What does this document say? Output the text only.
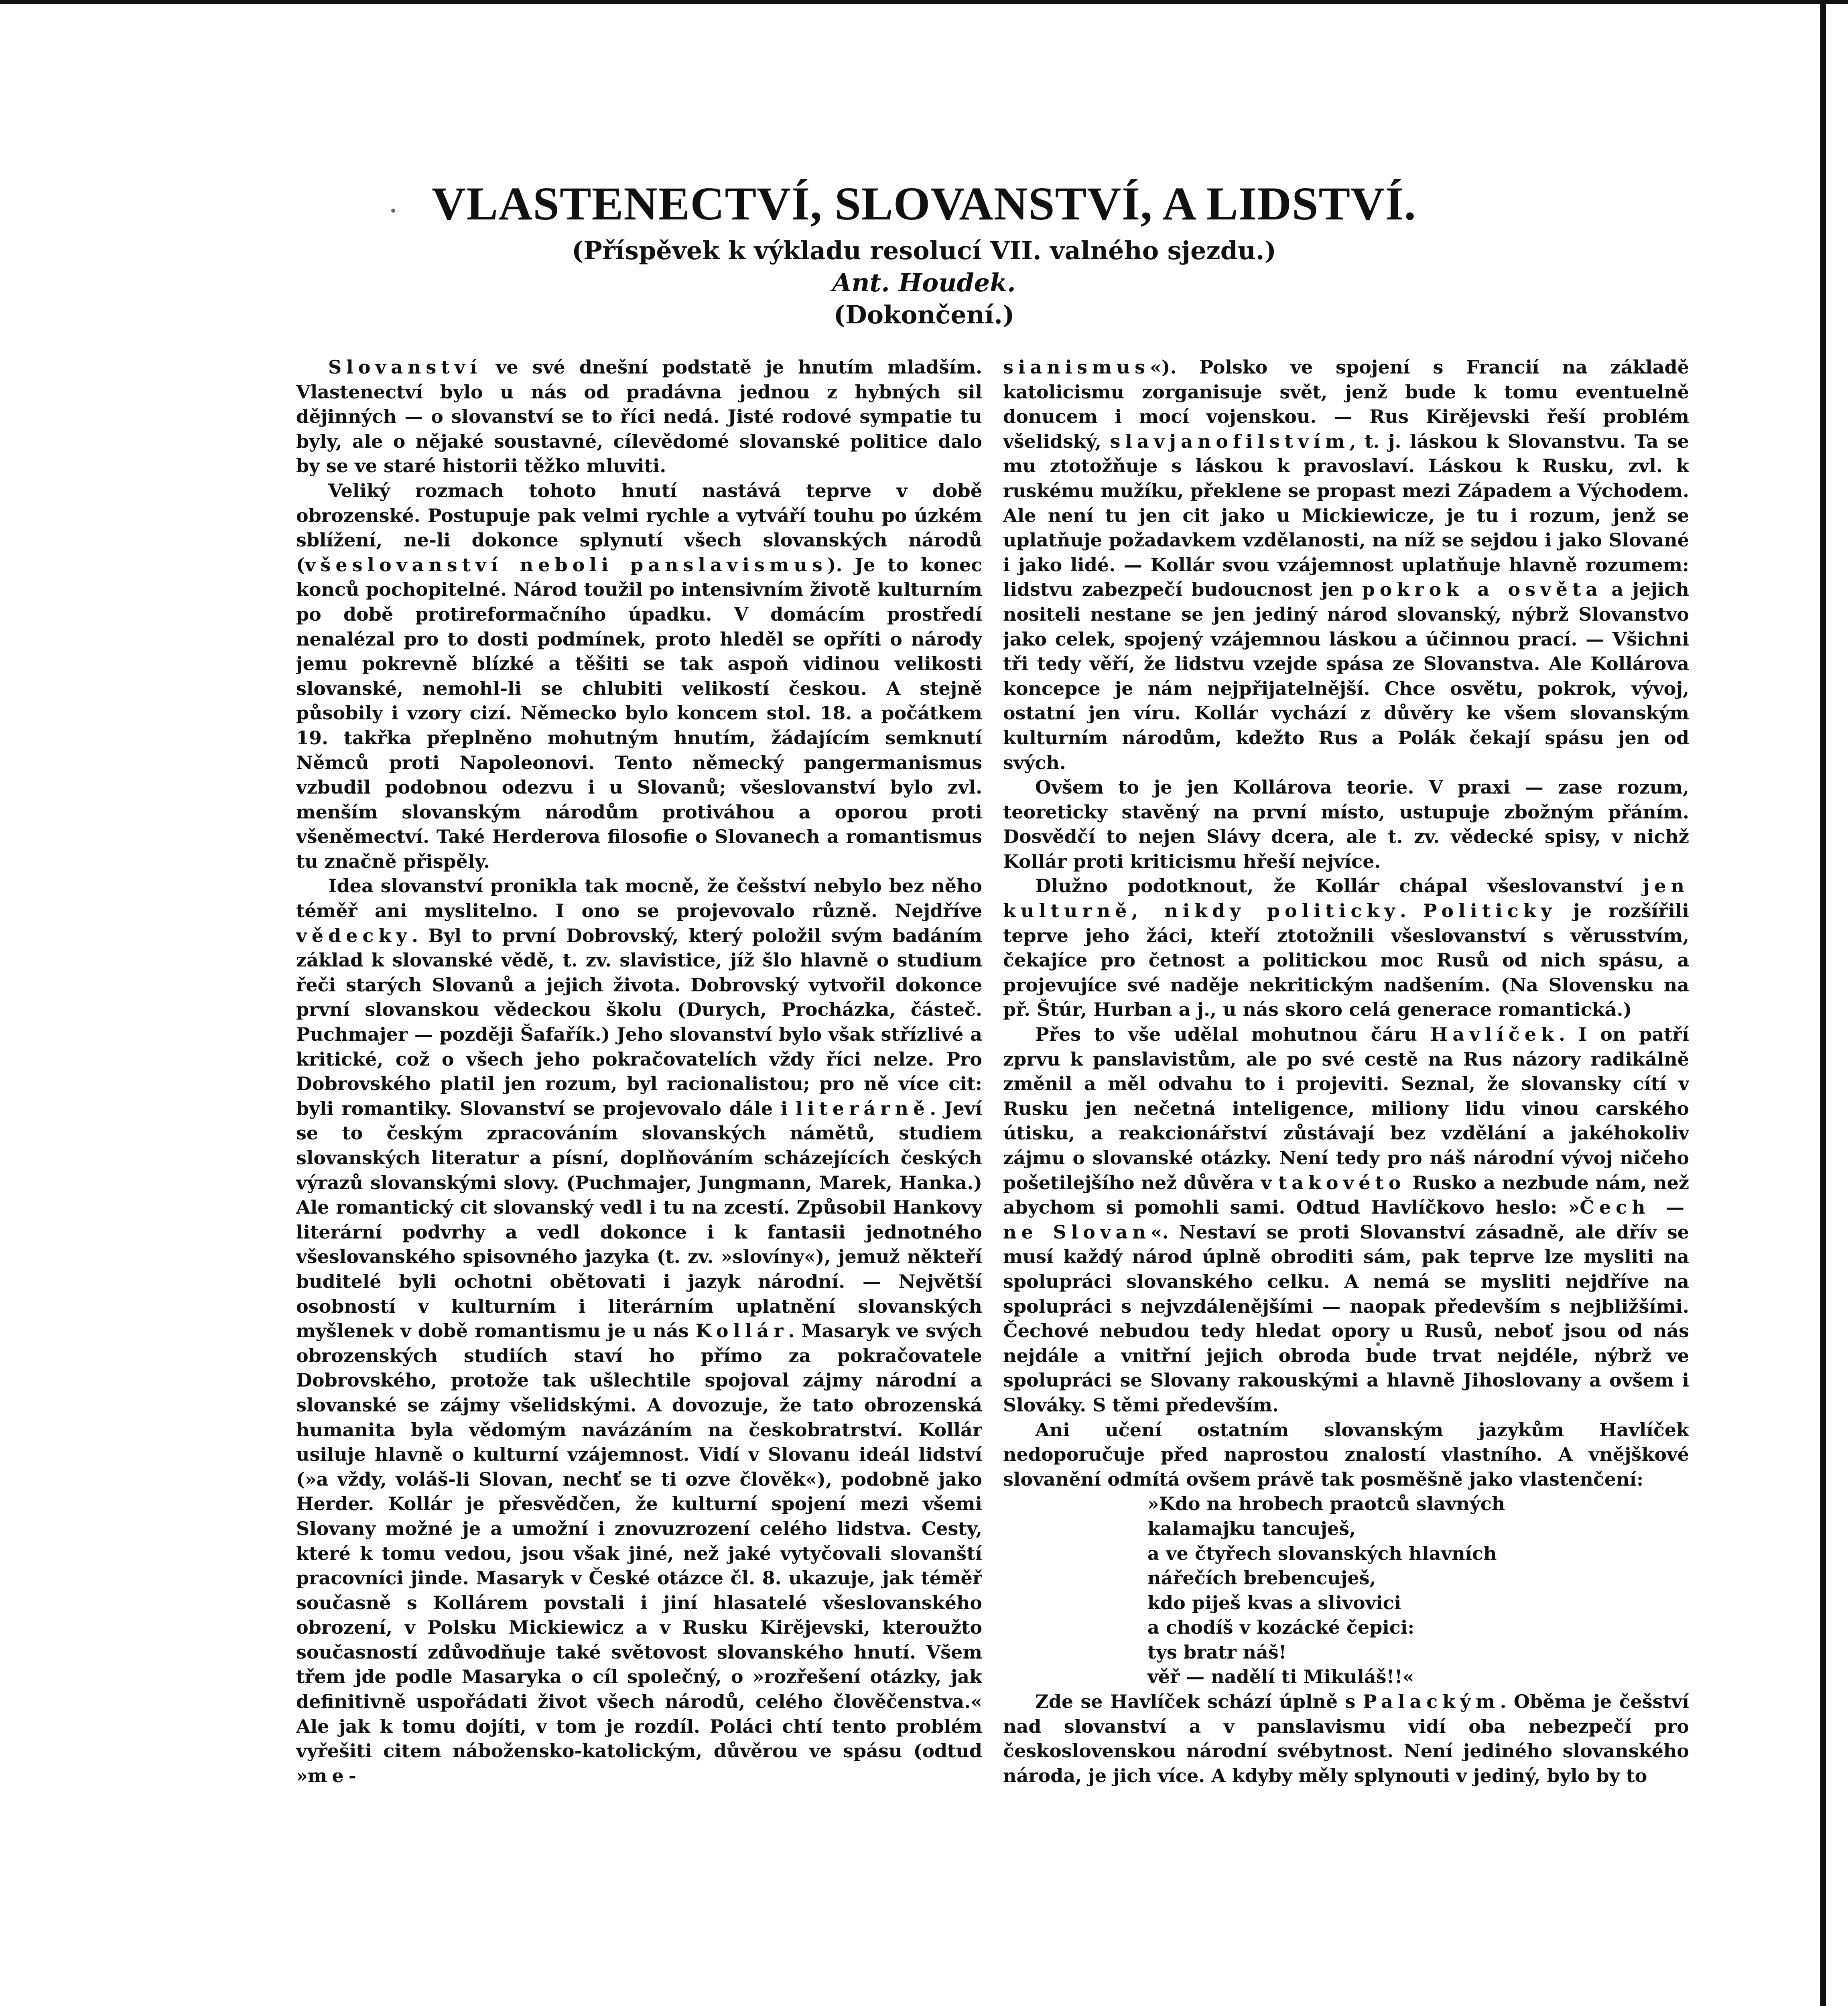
VLASTENECTVÍ, SLOVANSTVÍ, A LIDSTVÍ.
(Příspěvek k výkladu resolucí VII. valného sjezdu.)
Ant. Houdek.
(Dokončení.)

Slovanství ve své dnešní podstatě je hnutím mladším. Vlastenectví bylo u nás od pradávna jednou z hybných sil dějinných — o slovanství se to říci nedá. Jisté rodové sympatie tu byly, ale o nějaké soustavné, cílevědomé slovanské politice dalo by se ve staré historii těžko mluviti.

Veliký rozmach tohoto hnutí nastává teprve v době obrozenské. Postupuje pak velmi rychle a vytváří touhu po úzkém sblížení, ne-li dokonce splynutí všech slovanských národů (všeslovanství neboli panslavismus). Je to konec konců pochopitelné. Národ toužil po intensivním životě kulturním po době protireformačního úpadku. V domácím prostředí nenalézal pro to dosti podmínek, proto hleděl se opříti o národy jemu pokrevně blízké a těšiti se tak aspoň vidinou velikosti slovanské, nemohl-li se chlubiti velikostí českou. A stejně působily i vzory cizí. Německo bylo koncem stol. 18. a počátkem 19. takřka přeplněno mohutným hnutím, žádajícím semknutí Němců proti Napoleonovi. Tento německý pangermanismus vzbudil podobnou odezvu i u Slovanů; všeslovanství bylo zvl. menším slovanským národům protiváhou a oporou proti všeněmectví. Také Herderova filosofie o Slovanech a romantismus tu značně přispěly.

Idea slovanství pronikla tak mocně, že češství nebylo bez něho téměř ani myslitelno. I ono se projevovalo různě. Nejdříve vědecky. Byl to první Dobrovský, který položil svým badáním základ k slovanské vědě, t. zv. slavistice, jíž šlo hlavně o studium řeči starých Slovanů a jejich života. Dobrovský vytvořil dokonce první slovanskou vědeckou školu (Durych, Procházka, částeč. Puchmajer — později Šafařík.) Jeho slovanství bylo však střízlivé a kritické, což o všech jeho pokračovatelích vždy říci nelze. Pro Dobrovského platil jen rozum, byl racionalistou; pro ně více cit: byli romantiky. Slovanství se projevovalo dále i literárně. Jeví se to českým zpracováním slovanských námětů, studiem slovanských literatur a písní, doplňováním scházejících českých výrazů slovanskými slovy. (Puchmajer, Jungmann, Marek, Hanka.) Ale romantický cit slovanský vedl i tu na zcestí. Způsobil Hankovy literární podvrhy a vedl dokonce i k fantasii jednotného všeslovanského spisovného jazyka (t. zv. »slovíny«), jemuž někteří buditelé byli ochotni obětovati i jazyk národní. — Největší osobností v kulturním i literárním uplatnění slovanských myšlenek v době romantismu je u nás Kollár. Masaryk ve svých obrozenských studiích staví ho přímo za pokračovatele Dobrovského, protože tak ušlechtile spojoval zájmy národní a slovanské se zájmy všelidskými. A dovozuje, že tato obrozenská humanita byla vědomým navázáním na českobratrství. Kollár usiluje hlavně o kulturní vzájemnost. Vidí v Slovanu ideál lidství (»a vždy, voláš-li Slovan, nechť se ti ozve člověk«), podobně jako Herder. Kollár je přesvědčen, že kulturní spojení mezi všemi Slovany možné je a umožní i znovuzrození celého lidstva. Cesty, které k tomu vedou, jsou však jiné, než jaké vytyčovali slovanští pracovníci jinde. Masaryk v České otázce čl. 8. ukazuje, jak téměř současně s Kollárem povstali i jiní hlasatelé všeslovanského obrození, v Polsku Mickiewicz a v Rusku Kirějevski, kteroužto současností zdůvodňuje také světovost slovanského hnutí. Všem třem jde podle Masaryka o cíl společný, o »rozřešení otázky, jak definitivně uspořádati život všech národů, celého člověčenstva.« Ale jak k tomu dojíti, v tom je rozdíl. Poláci chtí tento problém vyřešiti citem nábožensko-katolickým, důvěrou ve spásu (odtud »me-

sianismus«). Polsko ve spojení s Francií na základě katolicismu zorganisuje svět, jenž bude k tomu eventuelně donucem i mocí vojenskou. — Rus Kirějevski řeší problém všelidský, slavjanofilstvím, t. j. láskou k Slovanstvu. Ta se mu ztotožňuje s láskou k pravoslaví. Láskou k Rusku, zvl. k ruskému mužíku, překlene se propast mezi Západem a Východem. Ale není tu jen cit jako u Mickiewicze, je tu i rozum, jenž se uplatňuje požadavkem vzdělanosti, na níž se sejdou i jako Slované i jako lidé. — Kollár svou vzájemnost uplatňuje hlavně rozumem: lidstvu zabezpečí budoucnost jen pokrok a osvěta a jejich nositeli nestane se jen jediný národ slovanský, nýbrž Slovanstvo jako celek, spojený vzájemnou láskou a účinnou prací. — Všichni tři tedy věří, že lidstvu vzejde spása ze Slovanstva. Ale Kollárova koncepce je nám nejpřijatelnější. Chce osvětu, pokrok, vývoj, ostatní jen víru. Kollár vychází z důvěry ke všem slovanským kulturním národům, kdežto Rus a Polák čekají spásu jen od svých.

Ovšem to je jen Kollárova teorie. V praxi — zase rozum, teoreticky stavěný na první místo, ustupuje zbožným přáním. Dosvědčí to nejen Slávy dcera, ale t. zv. vědecké spisy, v nichž Kollár proti kriticismu hřeší nejvíce.

Dlužno podotknout, že Kollár chápal všeslovanství jen kulturně, nikdy politicky. Politicky je rozšířili teprve jeho žáci, kteří ztotožnili všeslovanství s věrusstvím, čekajíce pro četnost a politickou moc Rusů od nich spásu, a projevujíce své naděje nekritickým nadšením. (Na Slovensku na př. Štúr, Hurban a j., u nás skoro celá generace romantická.)

Přes to vše udělal mohutnou čáru Havlíček. I on patří zprvu k panslavistům, ale po své cestě na Rus názory radikálně změnil a měl odvahu to i projeviti. Seznal, že slovansky cítí v Rusku jen nečetná inteligence, miliony lidu vinou carského útisku, a reakcionářství zůstávají bez vzdělání a jakéhokoliv zájmu o slovanské otázky. Není tedy pro náš národní vývoj ničeho pošetilejšího než důvěra v takovéto Rusko a nezbude nám, než abychom si pomohli sami. Odtud Havlíčkovo heslo: »Čech — ne Slovan«. Nestaví se proti Slovanství zásadně, ale dřív se musí každý národ úplně obroditi sám, pak teprve lze mysliti na spolupráci slovanského celku. A nemá se mysliti nejdříve na spolupráci s nejvzdálenějšími — naopak především s nejbližšími. Čechové nebudou tedy hledat opory u Rusů, neboť jsou od nás nejdále a vnitřní jejich obroda bude trvat nejdéle, nýbrž ve spolupráci se Slovany rakouskými a hlavně Jihoslovany a ovšem i Slováky. S těmi především.

Ani učení ostatním slovanským jazykům Havlíček nedoporučuje před naprostou znalostí vlastního. A vnějškové slovanění odmítá ovšem právě tak posměšně jako vlastenčení:

»Kdo na hrobech praotců slavných
kalamajku tancuješ,
a ve čtyřech slovanských hlavních
nářečích brebencuješ,
kdo piješ kvas a slivovici
a chodíš v kozácké čepici:
tys bratr náš!
věř — nadělí ti Mikuláš!!«

Zde se Havlíček schází úplně s Palackým. Oběma je češství nad slovanství a v panslavismu vidí oba nebezpečí pro československou národní svébytnost. Není jediného slovanského národa, je jich více. A kdyby měly splynouti v jediný, bylo by to
